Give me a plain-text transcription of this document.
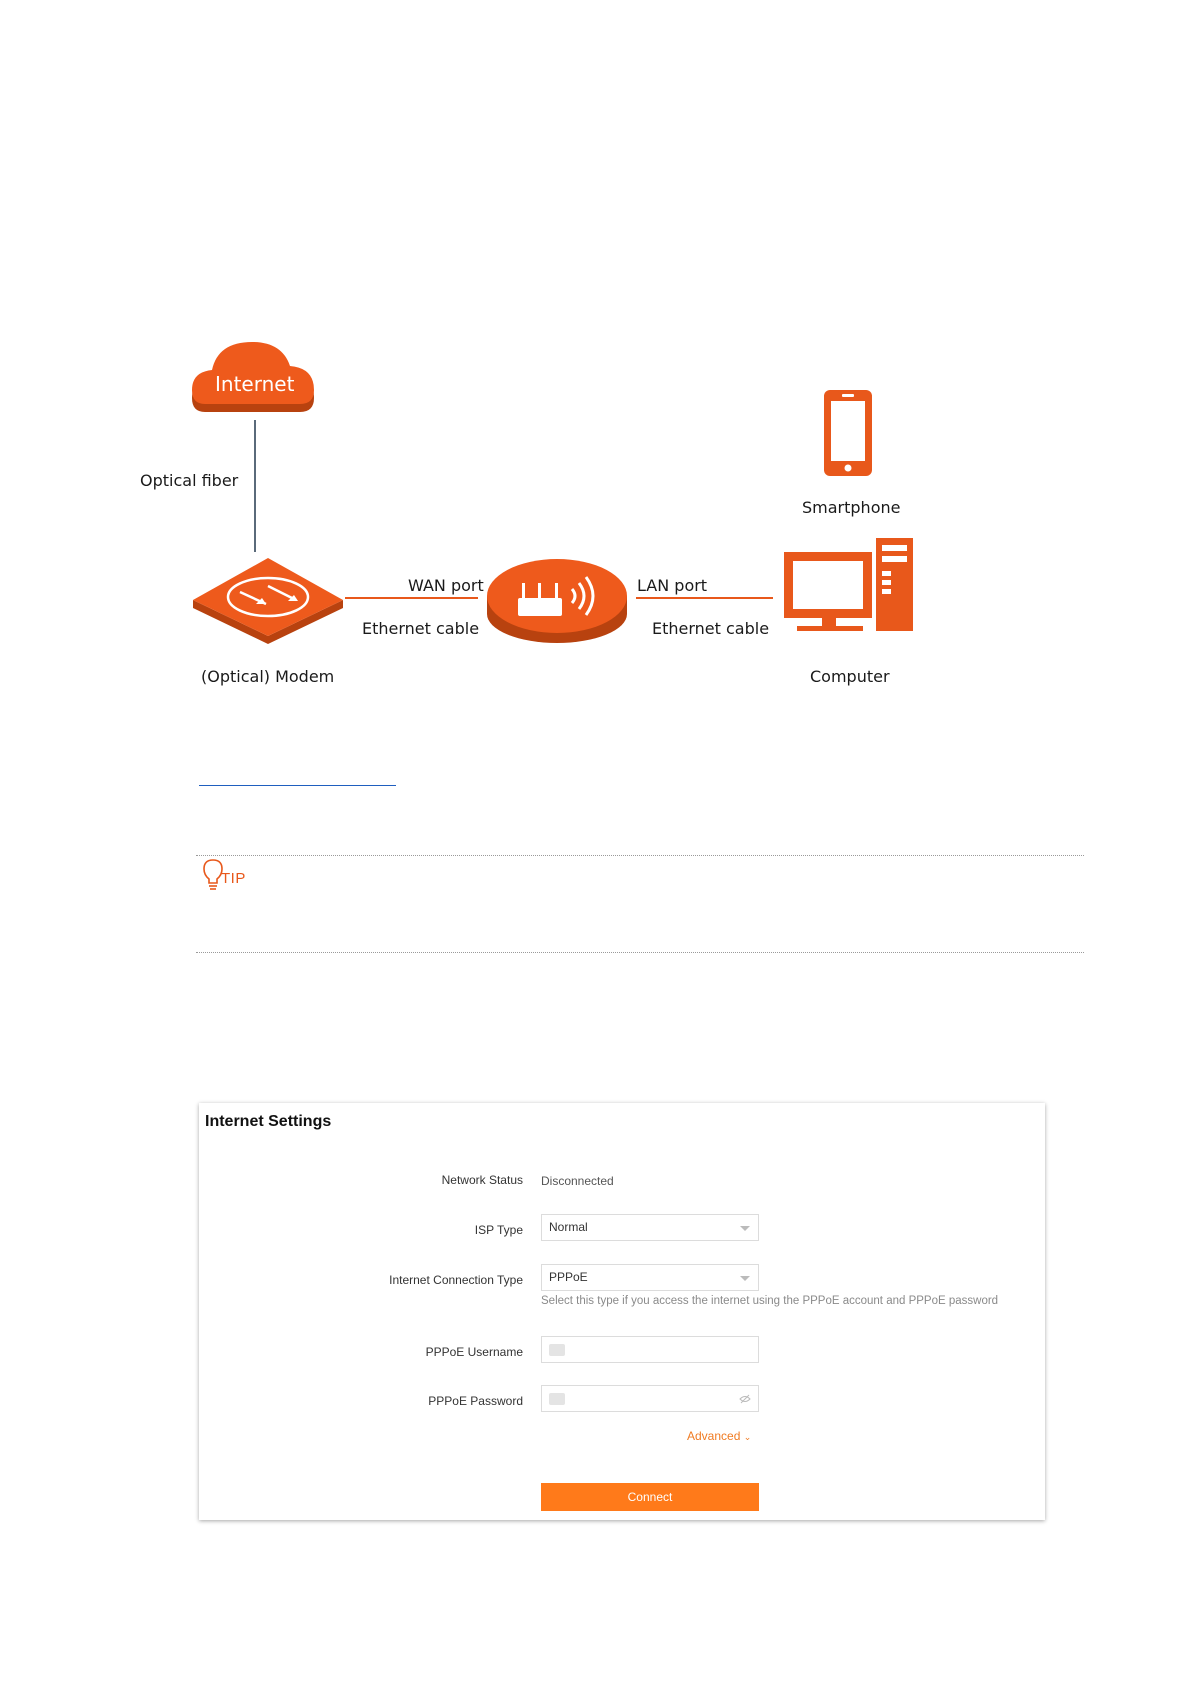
Internet
Optical fiber
(Optical) Modem
WAN port
Ethernet cable
LAN port
Ethernet cable
Smartphone
Computer
TIP
Internet Settings
Network Status Disconnected
ISP Type	Normal
Internet Connection Type	PPPoE
Select this type if you access the internet using the PPPoE account and PPPoE password
PPPoE Username
PPPoE Password
Advanced ⌄
Connect
